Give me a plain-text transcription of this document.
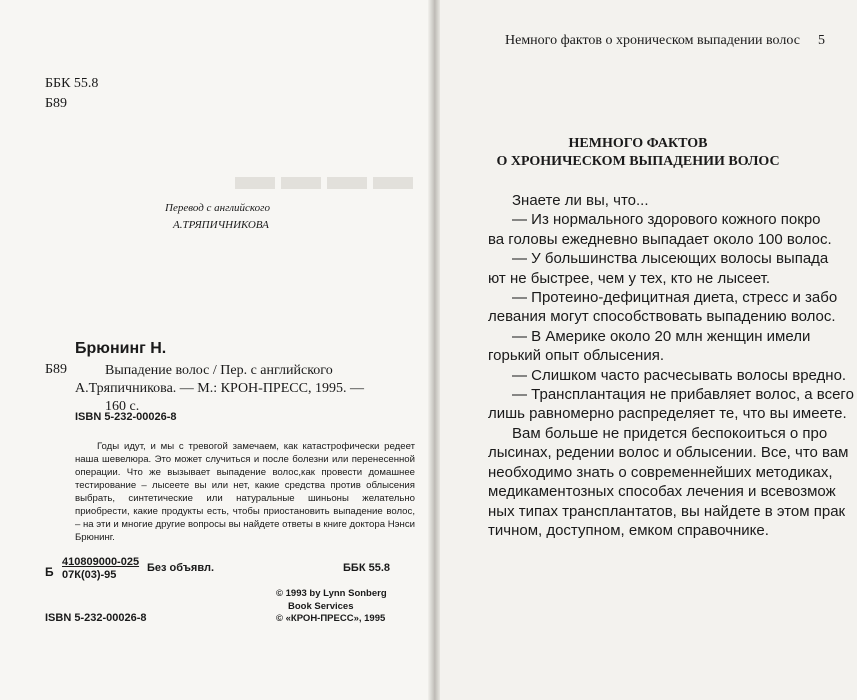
▬▬▬▬
ББК 55.8
Б89
Перевод с английского
А.ТРЯПИЧНИКОВА
Брюнинг Н.
Б89	Выпадение волос / Пер. с английского
А.Тряпичникова. — М.: КРОН-ПРЕСС, 1995. —
160 с.
ISBN 5-232-00026-8

Годы идут, и мы с тревогой замечаем, как катастрофически редеет наша шевелюра. Это может случиться и после болезни или перенесенной операции. Что же вызывает выпадение волос,как провести домашнее тестирование – лысеете вы или нет, какие средства против облысения выбрать, синтетические или натуральные шиньоны желательно приобрести, какие продукты есть, чтобы приостановить выпадение волос, – на эти и многие другие вопросы вы найдете ответы в книге доктора Нэнси Брюнинг.

Б
410809000-025
07К(03)-95
Без объявл.	ББК 55.8
© 1993 by Lynn Sonberg
Book Services
© «КРОН-ПРЕСС», 1995
ISBN 5-232-00026-8
Немного фактов о хроническом выпадении волос 5
НЕМНОГО ФАКТОВ
О ХРОНИЧЕСКОМ ВЫПАДЕНИИ ВОЛОС
Знаете ли вы, что...
— Из нормального здорового кожного покро
ва головы ежедневно выпадает около 100 волос.
— У большинства лысеющих волосы выпада
ют не быстрее, чем у тех, кто не лысеет.
— Протеино-дефицитная диета, стресс и забо
левания могут способствовать выпадению волос.
— В Америке около 20 млн женщин имели
горький опыт облысения.
— Слишком часто расчесывать волосы вредно.
— Трансплантация не прибавляет волос, а всего
лишь равномерно распределяет те, что вы имеете.
Вам больше не придется беспокоиться о про
лысинах, редении волос и облысении. Все, что вам
необходимо знать о современнейших методиках,
медикаментозных способах лечения и всевозмож
ных типах трансплантатов, вы найдете в этом прак
тичном, доступном, емком справочнике.
